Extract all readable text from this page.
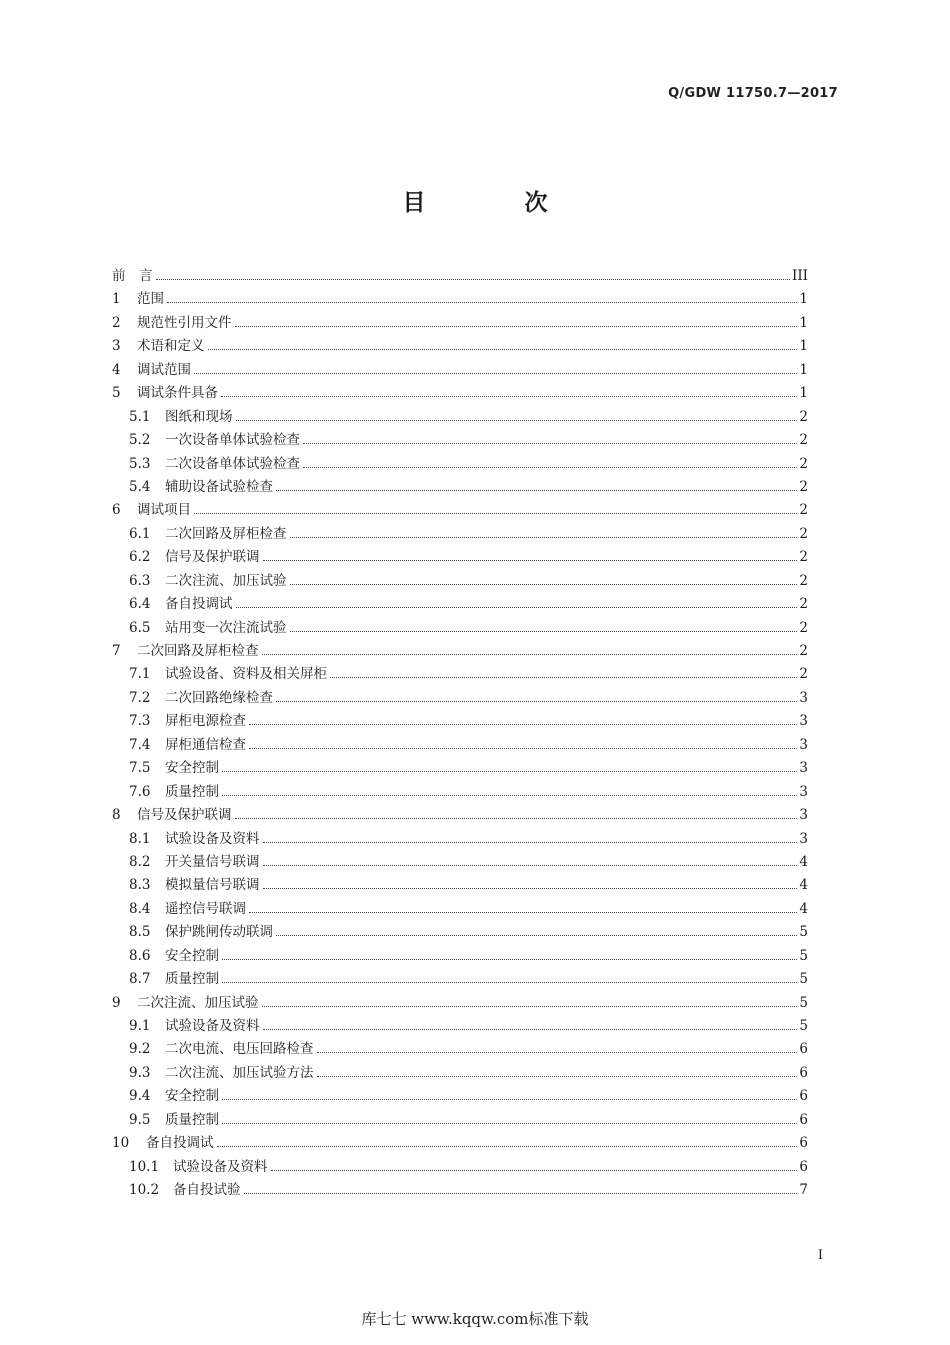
Q/GDW 11750.7—2017
目　次
前　言	III
1	范围	1
2	规范性引用文件	1
3	术语和定义	1
4	调试范围	1
5	调试条件具备	1
5.1	图纸和现场	2
5.2	一次设备单体试验检查	2
5.3	二次设备单体试验检查	2
5.4	辅助设备试验检查	2
6	调试项目	2
6.1	二次回路及屏柜检查	2
6.2	信号及保护联调	2
6.3	二次注流、加压试验	2
6.4	备自投调试	2
6.5	站用变一次注流试验	2
7	二次回路及屏柜检查	2
7.1	试验设备、资料及相关屏柜	2
7.2	二次回路绝缘检查	3
7.3	屏柜电源检查	3
7.4	屏柜通信检查	3
7.5	安全控制	3
7.6	质量控制	3
8	信号及保护联调	3
8.1	试验设备及资料	3
8.2	开关量信号联调	4
8.3	模拟量信号联调	4
8.4	遥控信号联调	4
8.5	保护跳闸传动联调	5
8.6	安全控制	5
8.7	质量控制	5
9	二次注流、加压试验	5
9.1	试验设备及资料	5
9.2	二次电流、电压回路检查	6
9.3	二次注流、加压试验方法	6
9.4	安全控制	6
9.5	质量控制	6
10	备自投调试	6
10.1	试验设备及资料	6
10.2	备自投试验	7
I
库七七 www.kqqw.com标准下载
